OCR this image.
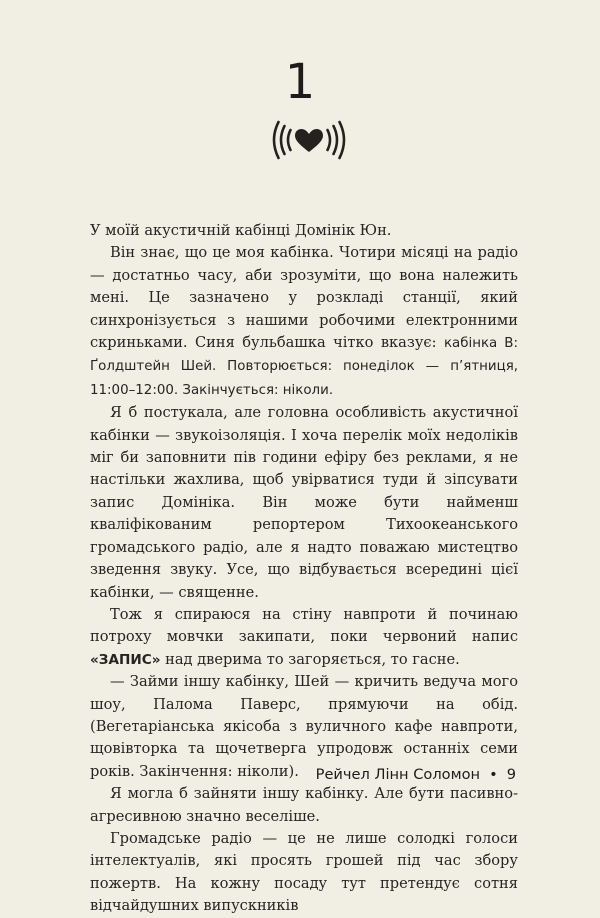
1

У моїй акустичній кабінці Домінік Юн.

Він знає, що це моя кабінка. Чотири місяці на радіо — достатньо часу, аби зрозуміти, що вона належить мені. Це зазначено у розкладі станції, який синхронізується з нашими робочими електронними скриньками. Синя бульбашка чітко вказує: кабінка В: Ґолдштейн Шей. Повторюється: понеділок — п’ятниця, 11:00–12:00. Закінчується: ніколи.

Я б постукала, але головна особливість акустичної кабінки — звукоізоляція. І хоча перелік моїх недоліків міг би заповнити пів години ефіру без реклами, я не настільки жахлива, щоб увірватися туди й зіпсувати запис Домініка. Він може бути найменш кваліфікованим репортером Тихоокеанського громадського радіо, але я надто поважаю мистецтво зведення звуку. Усе, що відбувається всередині цієї кабінки, — священне.

Тож я спираюся на стіну навпроти й починаю потроху мовчки закипати, поки червоний напис «ЗАПИС» над дверима то загоряється, то гасне.

— Займи іншу кабінку, Шей — кричить ведуча мого шоу, Палома Паверс, прямуючи на обід. (Вегетаріанська якісоба з вуличного кафе навпроти, щовівторка та щочетверга упродовж останніх семи років. Закінчення: ніколи).

Я могла б зайняти іншу кабінку. Але бути пасивно-агресивною значно веселіше.

Громадське радіо — це не лише солодкі голоси інтелектуалів, які просять грошей під час збору пожертв. На кожну посаду тут претендує сотня відчайдушних випускників

Рейчел Лінн Соломон • 9
